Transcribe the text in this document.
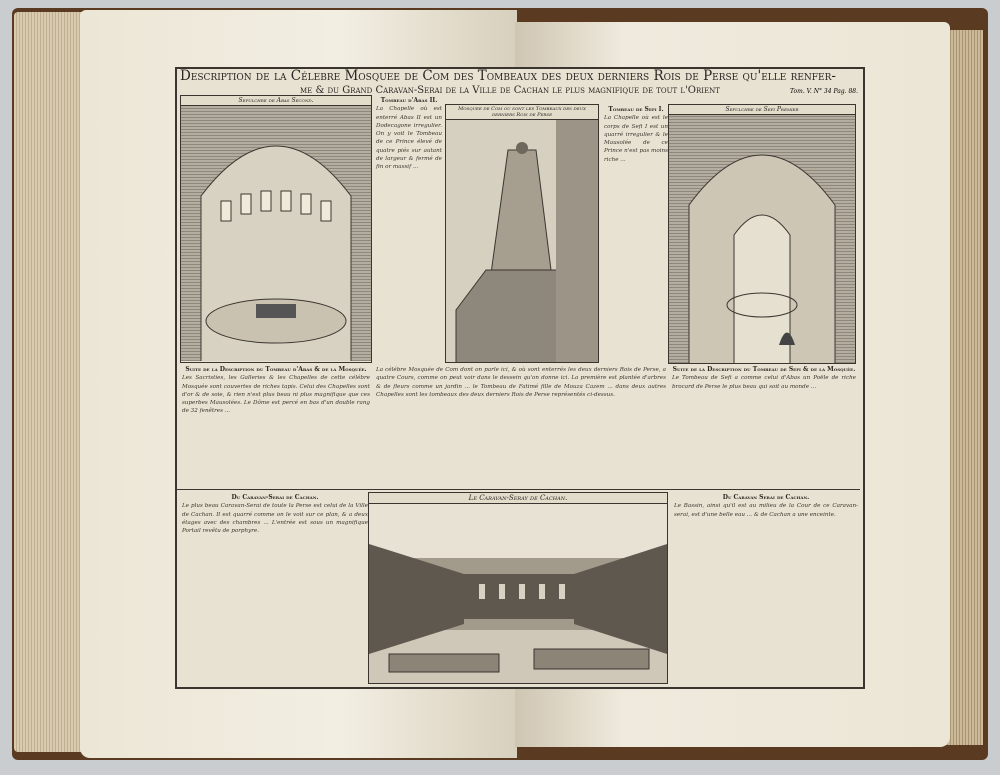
Description de la Célebre Mosquee de Com des Tombeaux des deux derniers Rois de Perse qu'elle renfer-
me & du Grand Caravan-Serai de la Ville de Cachan le plus magnifique de tout l'Orient	Tom. V. N° 34 Pag. 88.
Sepulchre de Abas Second.	Tombeau d'Abas II.
La Chapelle où est enterré Abas II est un Dodecagone irregulier. On y voit le Tombeau de ce Prince élevé de quatre piés sur autant de largeur & fermé de fin or massif ...
Mosquee de Com ou sont les Tombeaux des deux derniers Rois de Perse
Tombeau de Sefi I.
La Chapelle où est le corps de Sefi I est un quarré irregulier & le Mausolée de ce Prince n'est pas moins riche ...
Sepulchre de Sefi Premier
Suite de la Description du Tombeau d'Abas & de la Mosquée.
Les Sacristies, les Galleries & les Chapelles de cette célébre Mosquée sont couvertes de riches tapis. Celui des Chapelles sont d'or & de soie, & rien n'est plus beau ni plus magnifique que ces superbes Mausolées. Le Dôme est percé en bas d'un double rang de 32 fenêtres ...
La célébre Mosquée de Com dont on parle ici, & où sont enterrés les deux derniers Rois de Perse, a quatre Cours, comme on peut voir dans le dessein qu'on donne ici. La première est plantée d'arbres & de fleurs comme un jardin ... le Tombeau de Fatimé fille de Mouza Cazem ... dans deux autres Chapelles sont les tombeaux des deux derniers Rois de Perse représentés ci-dessus.
Suite de la Description du Tombeau de Sefi & de la Mosquée.
Le Tombeau de Sefi a comme celui d'Abas un Poële de riche brocard de Perse le plus beau qui soit au monde ...
Du Caravan-Serai de Cachan.
Le plus beau Caravan-Serai de toute la Perse est celui de la Ville de Cachan. Il est quarré comme on le voit sur ce plan, & a deux étages avec des chambres ... L'entrée est sous un magnifique Portail revêtu de porphyre.
Le Caravan-Seray de Cachan.	Du Caravan Serai de Cachan.
Le Bassin, ainsi qu'il est au milieu de la Cour de ce Caravan-serai, est d'une belle eau ... & de Cachan a une enceinte.
